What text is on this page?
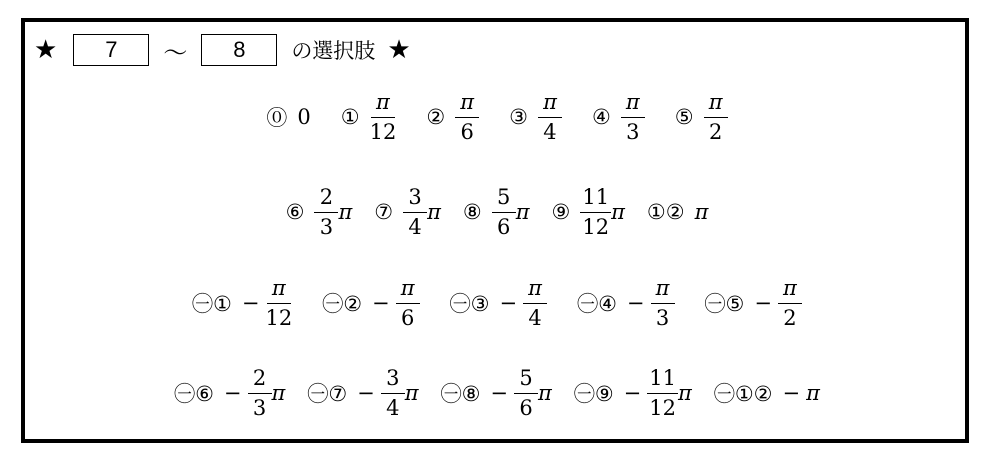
★	7	～	8	の選択肢 ★
⓪ 0 ① $\frac{\pi}{12}$ ② $\frac{\pi}{6}$ ③ $\frac{\pi}{4}$ ④ $\frac{\pi}{3}$ ⑤ $\frac{\pi}{2}$
⑥ $\frac{2}{3}$ π ⑦ $\frac{3}{4}$ π ⑧ $\frac{5}{6}$ π ⑨ $\frac{11}{12}$ π ①② π
㊀① − $\frac{\pi}{12}$ ㊀② − $\frac{\pi}{6}$ ㊀③ − $\frac{\pi}{4}$ ㊀④ − $\frac{\pi}{3}$ ㊀⑤ − $\frac{\pi}{2}$
㊀⑥ − $\frac{2}{3}$ π ㊀⑦ − $\frac{3}{4}$ π ㊀⑧ − $\frac{5}{6}$ π ㊀⑨ − $\frac{11}{12}$ π ㊀①② − π
